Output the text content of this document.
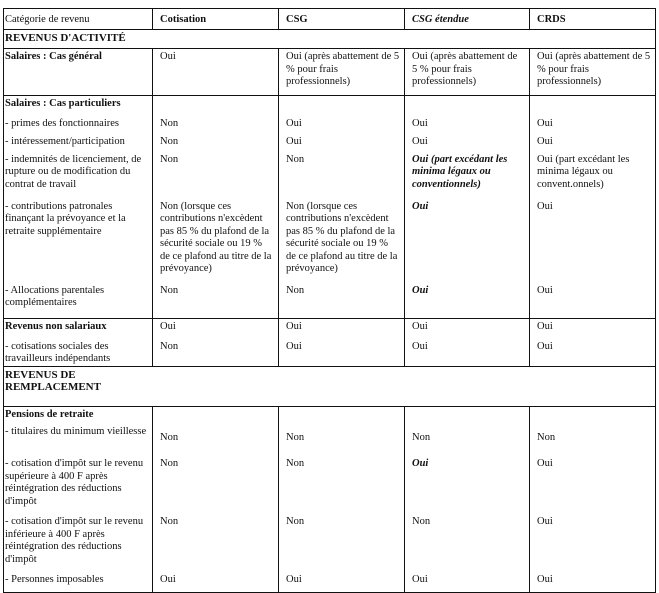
Catégorie de revenu	Cotisation	CSG	CSG étendue	CRDS
REVENUS D'ACTIVITÉ				
Salaires : Cas général	Oui	Oui (après abattement de 5 % pour frais professionnels)	Oui (après abattement de 5 % pour frais professionnels)	Oui (après abattement de 5 % pour frais professionnels)
Salaires : Cas particuliers				
- primes des fonctionnaires	Non	Oui	Oui	Oui
- intéressement/participation	Non	Oui	Oui	Oui
- indemnités de licenciement, de rupture ou de modification du contrat de travail	Non	Non	Oui (part excédant les minima légaux ou conventionnels)	Oui (part excédant les minima légaux ou convent.onnels)
- contributions patronales finançant la prévoyance et la retraite supplémentaire	Non (lorsque ces contributions n'excèdent pas 85 % du plafond de la sécurité sociale ou 19 % de ce plafond au titre de la prévoyance)	Non (lorsque ces contributions n'excèdent pas 85 % du plafond de la sécurité sociale ou 19 % de ce plafond au titre de la prévoyance)	Oui	Oui
- Allocations parentales complémentaires	Non	Non	Oui	Oui
Revenus non salariaux	Oui	Oui	Oui	Oui
- cotisations sociales des travailleurs indépendants	Non	Oui	Oui	Oui
REVENUS DE REMPLACEMENT				
Pensions de retraite				
- titulaires du minimum vieillesse	Non	Non	Non	Non
- cotisation d'impôt sur le revenu supérieure à 400 F après réintégration des réductions d'impôt	Non	Non	Oui	Oui
- cotisation d'impôt sur le revenu inférieure à 400 F après réintégration des réductions d'impôt	Non	Non	Non	Oui
- Personnes imposables	Oui	Oui	Oui	Oui
